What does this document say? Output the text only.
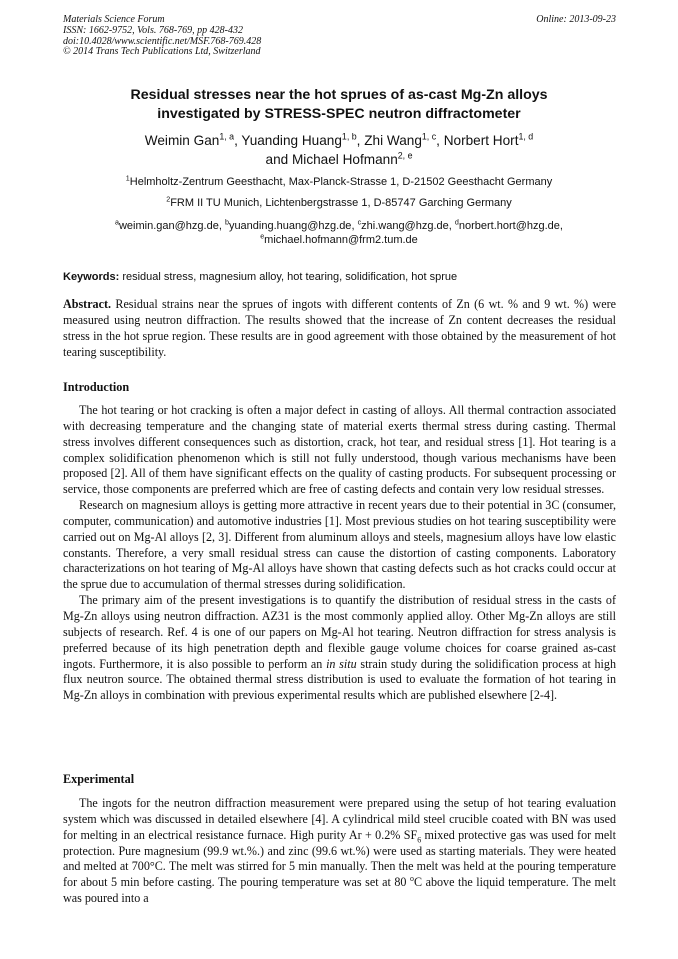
Materials Science Forum
ISSN: 1662-9752, Vols. 768-769, pp 428-432
doi:10.4028/www.scientific.net/MSF.768-769.428
© 2014 Trans Tech Publications Ltd, Switzerland
Online: 2013-09-23
Residual stresses near the hot sprues of as-cast Mg-Zn alloys
investigated by STRESS-SPEC neutron diffractometer
Weimin Gan$^{1, a}$, Yuanding Huang$^{1, b}$, Zhi Wang$^{1, c}$, Norbert Hort$^{1, d}$
and Michael Hofmann$^{2, e}$
$^1$Helmholtz-Zentrum Geesthacht, Max-Planck-Strasse 1, D-21502 Geesthacht Germany
$^2$FRM II TU Munich, Lichtenbergstrasse 1, D-85747 Garching Germany
$^a$weimin.gan@hzg.de, $^b$yuanding.huang@hzg.de, $^c$zhi.wang@hzg.de, $^d$norbert.hort@hzg.de,
$^e$michael.hofmann@frm2.tum.de
Keywords: residual stress, magnesium alloy, hot tearing, solidification, hot sprue
Abstract. Residual strains near the sprues of ingots with different contents of Zn (6 wt. % and 9 wt. %) were measured using neutron diffraction. The results showed that the increase of Zn content decreases the residual stress in the hot sprue region. These results are in good agreement with those obtained by the measurement of hot tearing susceptibility.
Introduction

The hot tearing or hot cracking is often a major defect in casting of alloys. All thermal contraction associated with decreasing temperature and the changing state of material exerts thermal stress during casting. Thermal stress involves different consequences such as distortion, crack, hot tear, and residual stress [1]. Hot tearing is a complex solidification phenomenon which is still not fully understood, though various mechanisms have been proposed [2]. All of them have significant effects on the quality of casting products. For subsequent processing or service, those components are preferred which are free of casting defects and contain very low residual stresses.

Research on magnesium alloys is getting more attractive in recent years due to their potential in 3C (consumer, computer, communication) and automotive industries [1]. Most previous studies on hot tearing susceptibility were carried out on Mg-Al alloys [2, 3]. Different from aluminum alloys and steels, magnesium alloys have low elastic constants. Therefore, a very small residual stress can cause the distortion of casting components. Laboratory characterizations on hot tearing of Mg-Al alloys have shown that casting defects such as hot cracks could occur at the sprue due to accumulation of thermal stresses during solidification.

The primary aim of the present investigations is to quantify the distribution of residual stress in the casts of Mg-Zn alloys using neutron diffraction. AZ31 is the most commonly applied alloy. Other Mg-Zn alloys are still subjects of research. Ref. 4 is one of our papers on Mg-Al hot tearing. Neutron diffraction for stress analysis is preferred because of its high penetration depth and flexible gauge volume choices for coarse grained as-cast ingots. Furthermore, it is also possible to perform an in situ strain study during the solidification process at high flux neutron source. The obtained thermal stress distribution is used to evaluate the formation of hot tearing in Mg-Zn alloys in combination with previous experimental results which are published elsewhere [2-4].

Experimental

The ingots for the neutron diffraction measurement were prepared using the setup of hot tearing evaluation system which was discussed in detailed elsewhere [4]. A cylindrical mild steel crucible coated with BN was used for melting in an electrical resistance furnace. High purity Ar + 0.2% $SF_6$ mixed protective gas was used for melt protection. Pure magnesium (99.9 wt.%.) and zinc (99.6 wt.%) were used as starting materials. They were heated and melted at 700°C. The melt was stirred for 5 min manually. Then the melt was held at the pouring temperature for about 5 min before casting. The pouring temperature was set at 80 $^o$C above the liquid temperature. The melt was poured into a
